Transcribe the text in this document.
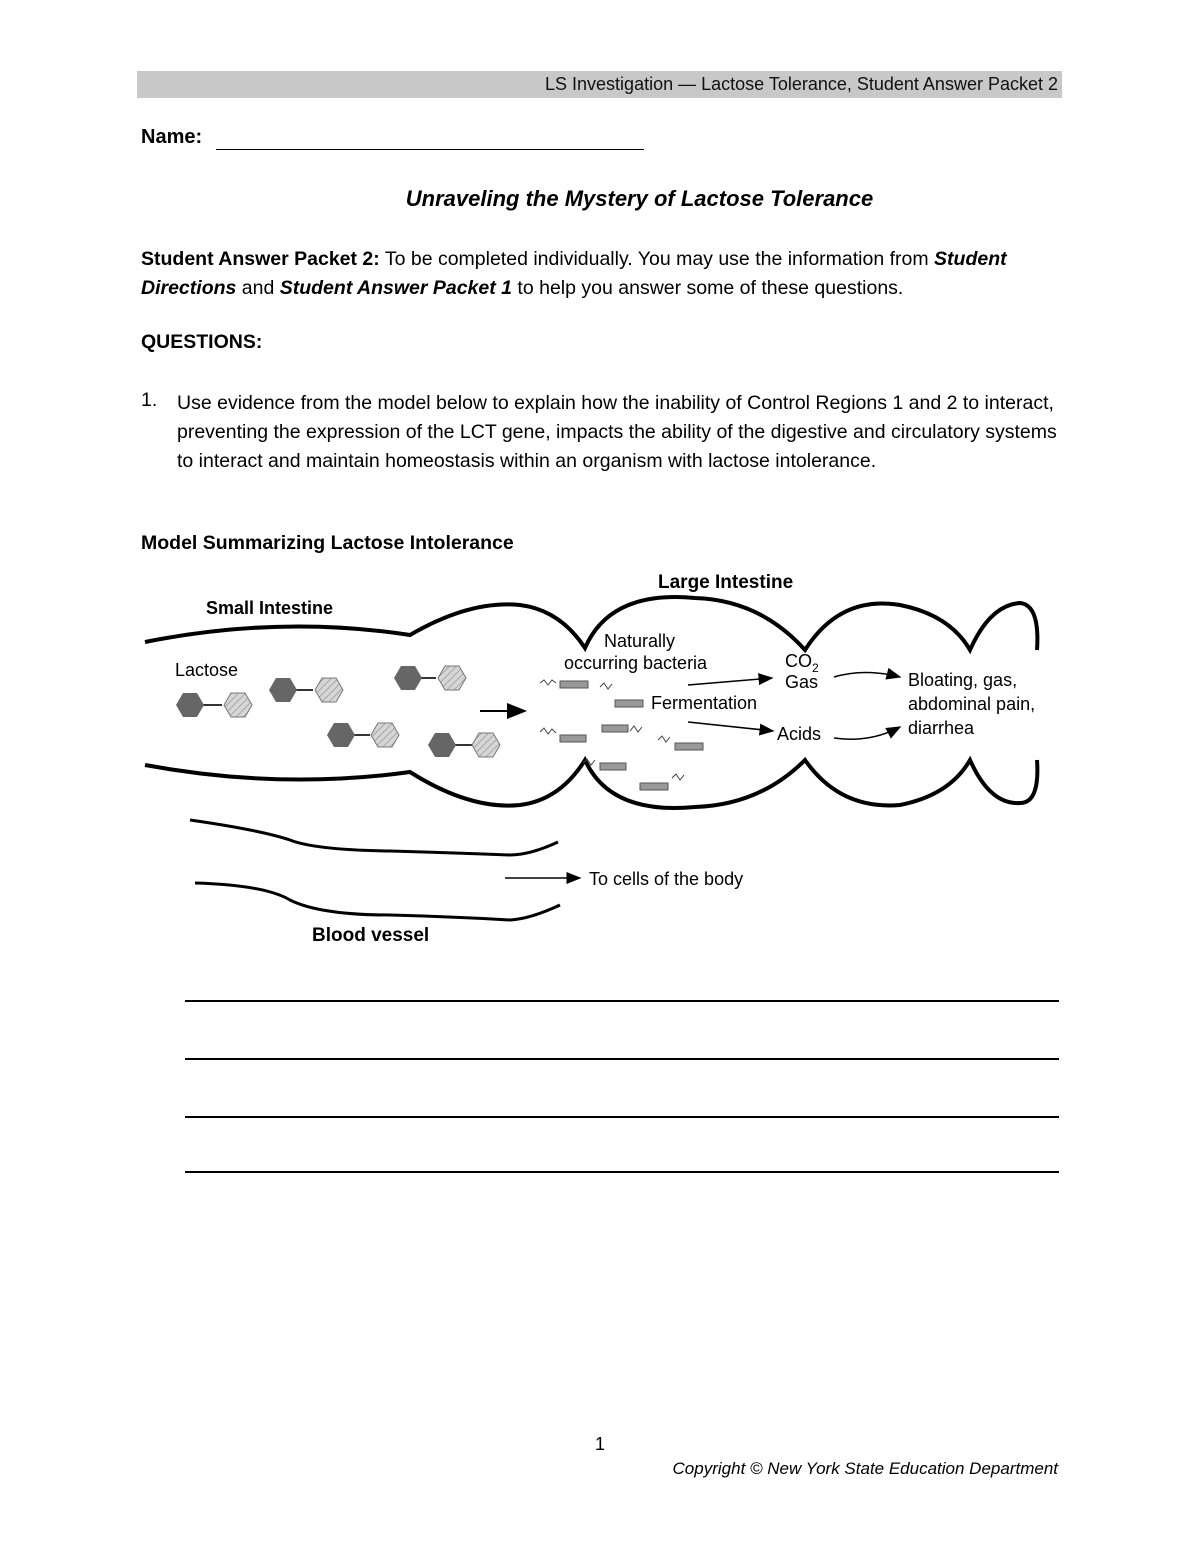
LS Investigation — Lactose Tolerance, Student Answer Packet 2
Name:
Unraveling the Mystery of Lactose Tolerance
Student Answer Packet 2: To be completed individually. You may use the information from Student Directions and Student Answer Packet 1 to help you answer some of these questions.
QUESTIONS:
1. Use evidence from the model below to explain how the inability of Control Regions 1 and 2 to interact, preventing the expression of the LCT gene, impacts the ability of the digestive and circulatory systems to interact and maintain homeostasis within an organism with lactose intolerance.
Model Summarizing Lactose Intolerance
Large Intestine
Small Intestine
Lactose
Naturally
occurring bacteria	$CO_2$
Gas
Fermentation
Acids
Bloating, gas,
abdominal pain,
diarrhea
To cells of the body
Blood vessel
1
Copyright © New York State Education Department
